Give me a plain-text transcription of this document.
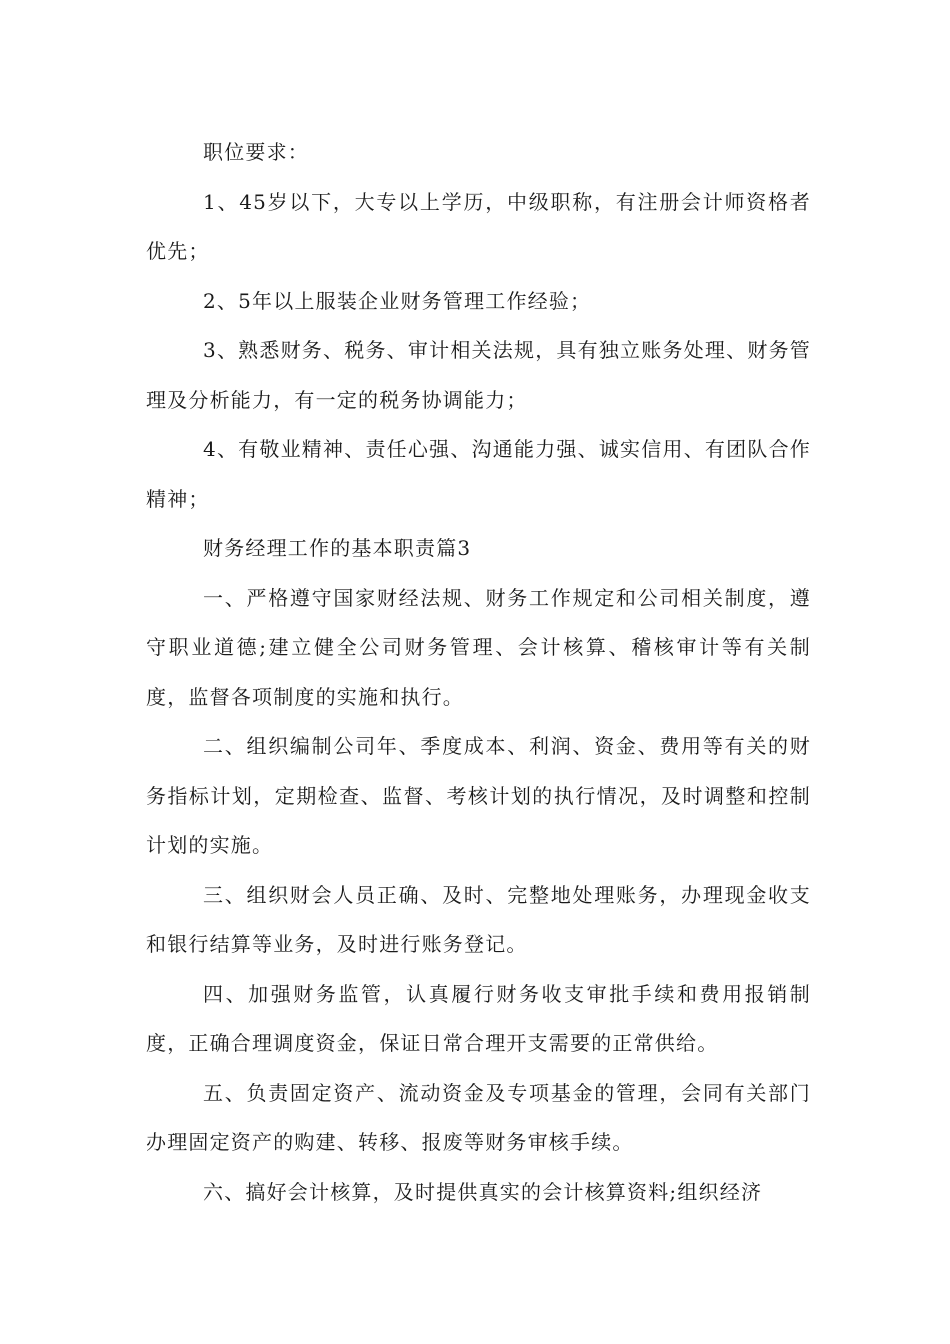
职位要求：

1、45岁以下，大专以上学历，中级职称，有注册会计师资格者优先；

2、5年以上服装企业财务管理工作经验；

3、熟悉财务、税务、审计相关法规，具有独立账务处理、财务管理及分析能力，有一定的税务协调能力；

4、有敬业精神、责任心强、沟通能力强、诚实信用、有团队合作精神；

财务经理工作的基本职责篇3

一、严格遵守国家财经法规、财务工作规定和公司相关制度，遵守职业道德;建立健全公司财务管理、会计核算、稽核审计等有关制度，监督各项制度的实施和执行。

二、组织编制公司年、季度成本、利润、资金、费用等有关的财务指标计划，定期检查、监督、考核计划的执行情况，及时调整和控制计划的实施。

三、组织财会人员正确、及时、完整地处理账务，办理现金收支和银行结算等业务，及时进行账务登记。

四、加强财务监管，认真履行财务收支审批手续和费用报销制度，正确合理调度资金，保证日常合理开支需要的正常供给。

五、负责固定资产、流动资金及专项基金的管理，会同有关部门办理固定资产的购建、转移、报废等财务审核手续。

六、搞好会计核算，及时提供真实的会计核算资料;组织经济
